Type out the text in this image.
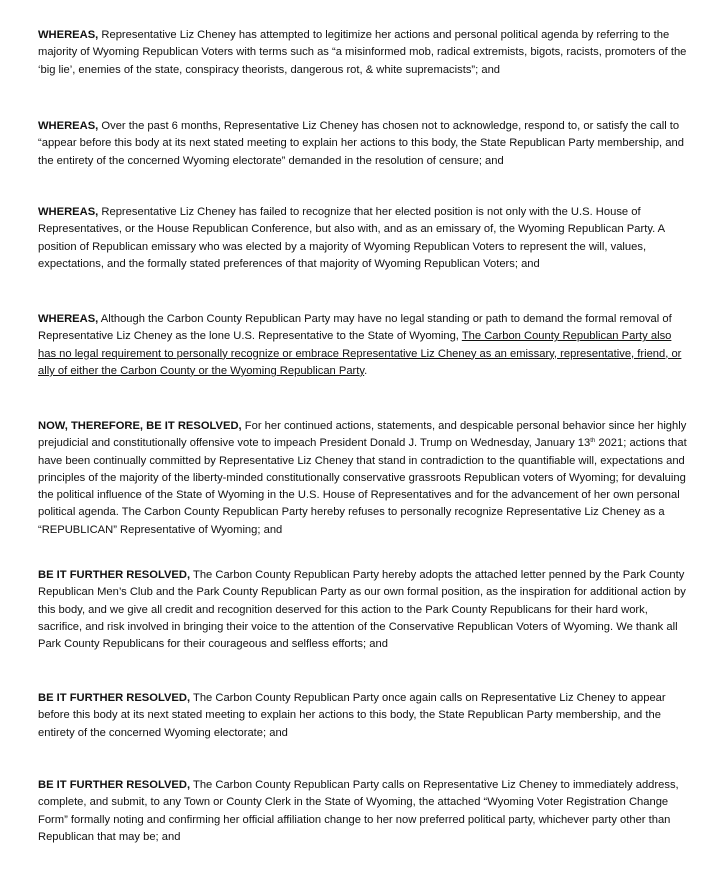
WHEREAS, Representative Liz Cheney has attempted to legitimize her actions and personal political agenda by referring to the majority of Wyoming Republican Voters with terms such as “a misinformed mob, radical extremists, bigots, racists, promoters of the ‘big lie’, enemies of the state, conspiracy theorists, dangerous rot, & white supremacists”; and

WHEREAS, Over the past 6 months, Representative Liz Cheney has chosen not to acknowledge, respond to, or satisfy the call to “appear before this body at its next stated meeting to explain her actions to this body, the State Republican Party membership, and the entirety of the concerned Wyoming electorate” demanded in the resolution of censure; and

WHEREAS, Representative Liz Cheney has failed to recognize that her elected position is not only with the U.S. House of Representatives, or the House Republican Conference, but also with, and as an emissary of, the Wyoming Republican Party. A position of Republican emissary who was elected by a majority of Wyoming Republican Voters to represent the will, values, expectations, and the formally stated preferences of that majority of Wyoming Republican Voters; and

WHEREAS, Although the Carbon County Republican Party may have no legal standing or path to demand the formal removal of Representative Liz Cheney as the lone U.S. Representative to the State of Wyoming, The Carbon County Republican Party also has no legal requirement to personally recognize or embrace Representative Liz Cheney as an emissary, representative, friend, or ally of either the Carbon County or the Wyoming Republican Party.

NOW, THEREFORE, BE IT RESOLVED, For her continued actions, statements, and despicable personal behavior since her highly prejudicial and constitutionally offensive vote to impeach President Donald J. Trump on Wednesday, January 13th 2021; actions that have been continually committed by Representative Liz Cheney that stand in contradiction to the quantifiable will, expectations and principles of the majority of the liberty-minded constitutionally conservative grassroots Republican voters of Wyoming; for devaluing the political influence of the State of Wyoming in the U.S. House of Representatives and for the advancement of her own personal political agenda. The Carbon County Republican Party hereby refuses to personally recognize Representative Liz Cheney as a “REPUBLICAN” Representative of Wyoming; and

BE IT FURTHER RESOLVED, The Carbon County Republican Party hereby adopts the attached letter penned by the Park County Republican Men’s Club and the Park County Republican Party as our own formal position, as the inspiration for additional action by this body, and we give all credit and recognition deserved for this action to the Park County Republicans for their hard work, sacrifice, and risk involved in bringing their voice to the attention of the Conservative Republican Voters of Wyoming. We thank all Park County Republicans for their courageous and selfless efforts; and

BE IT FURTHER RESOLVED, The Carbon County Republican Party once again calls on Representative Liz Cheney to appear before this body at its next stated meeting to explain her actions to this body, the State Republican Party membership, and the entirety of the concerned Wyoming electorate; and

BE IT FURTHER RESOLVED, The Carbon County Republican Party calls on Representative Liz Cheney to immediately address, complete, and submit, to any Town or County Clerk in the State of Wyoming, the attached “Wyoming Voter Registration Change Form” formally noting and confirming her official affiliation change to her now preferred political party, whichever party other than Republican that may be; and
